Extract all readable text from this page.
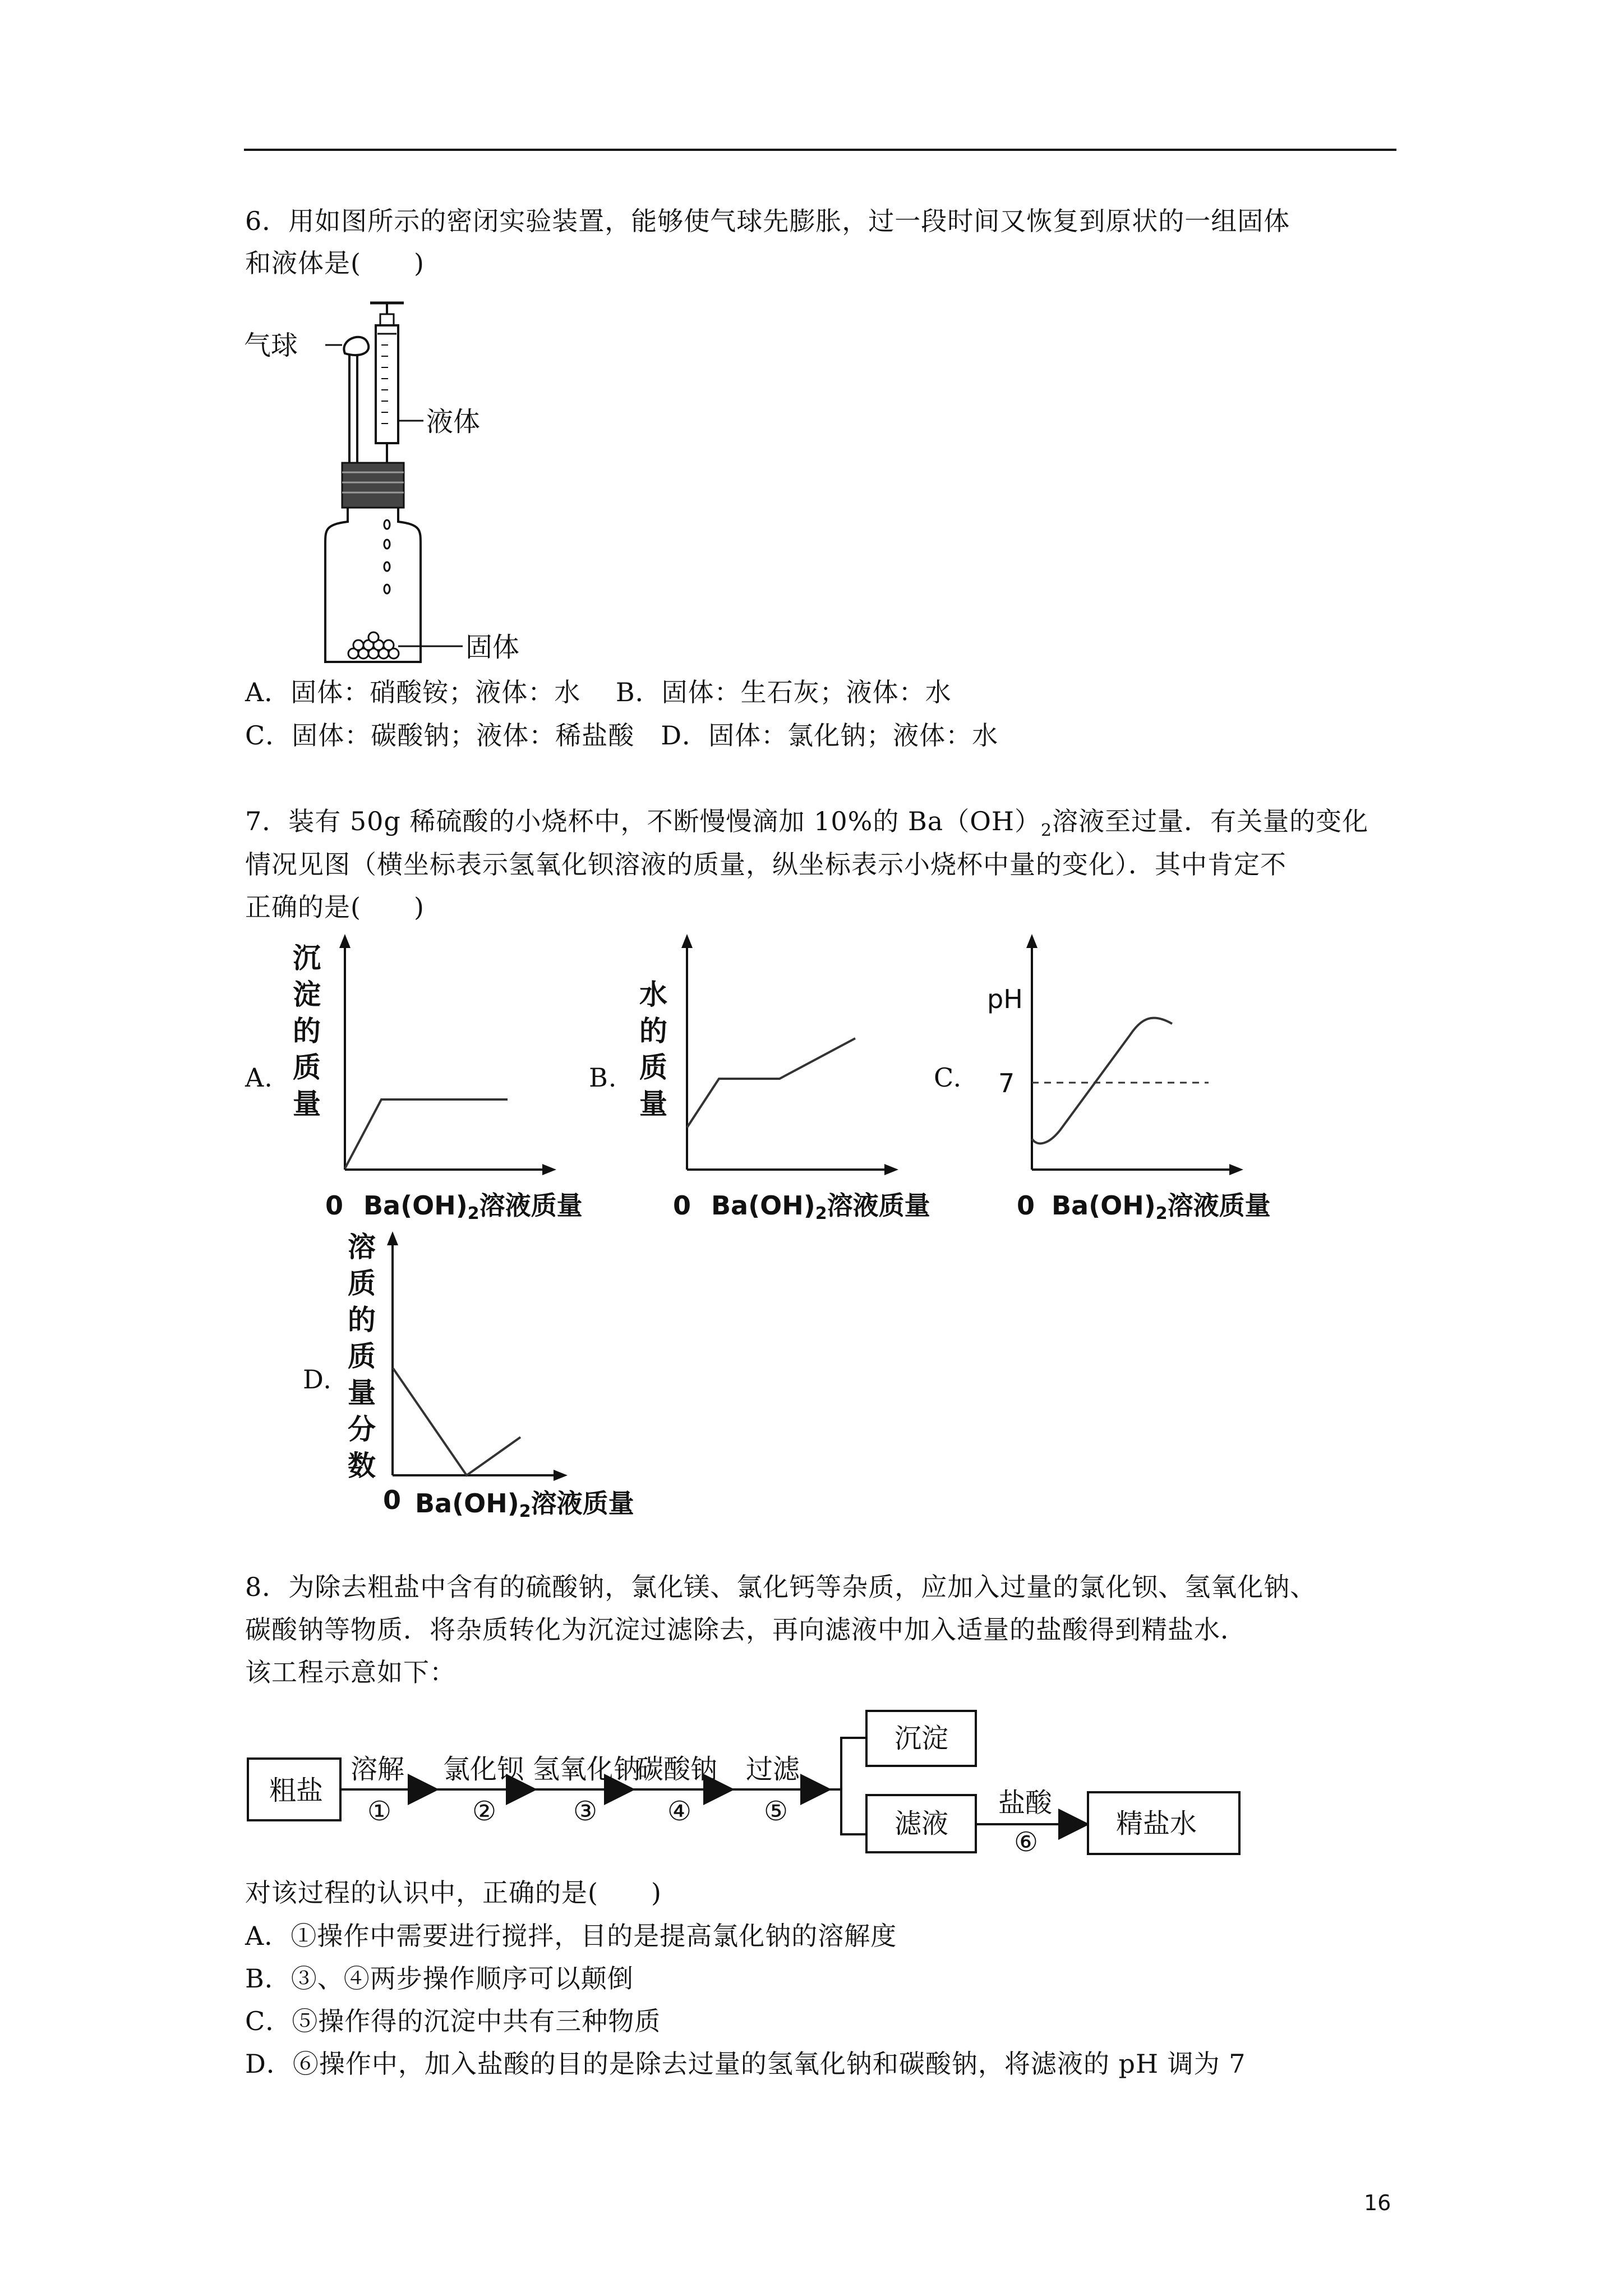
6．用如图所示的密闭实验装置，能够使气球先膨胀，过一段时间又恢复到原状的一组固体
和液体是(　　)
气球
液体
固体
A．固体：硝酸铵；液体：水　 B．固体：生石灰；液体：水
C．固体：碳酸钠；液体：稀盐酸　D．固体：氯化钠；液体：水
7．装有 50g 稀硫酸的小烧杯中，不断慢慢滴加 10%的 $Ba(OH)_2$溶液至过量．有关量的变化
情况见图（横坐标表示氢氧化钡溶液的质量，纵坐标表示小烧杯中量的变化）．其中肯定不
正确的是(　　)
A.
沉
淀
的
质
量
0 Ba(OH)2溶液质量
B.
水
的
质
量
0 Ba(OH)2溶液质量
C.
pH
7
0 Ba(OH)2溶液质量
D.
溶
质
的
质
量
分
数
0 Ba(OH)2溶液质量
8．为除去粗盐中含有的硫酸钠，氯化镁、氯化钙等杂质，应加入过量的氯化钡、氢氧化钠、
碳酸钠等物质．将杂质转化为沉淀过滤除去，再向滤液中加入适量的盐酸得到精盐水．
该工程示意如下：
粗盐
溶解
①
氯化钡
②
氢氧化钠
③
碳酸钠
④
过滤
⑤
沉淀
滤液
盐酸
⑥
精盐水
对该过程的认识中，正确的是(　　)
A．①操作中需要进行搅拌，目的是提高氯化钠的溶解度
B．③、④两步操作顺序可以颠倒
C．⑤操作得的沉淀中共有三种物质
D．⑥操作中，加入盐酸的目的是除去过量的氢氧化钠和碳酸钠，将滤液的 pH 调为 7
16
